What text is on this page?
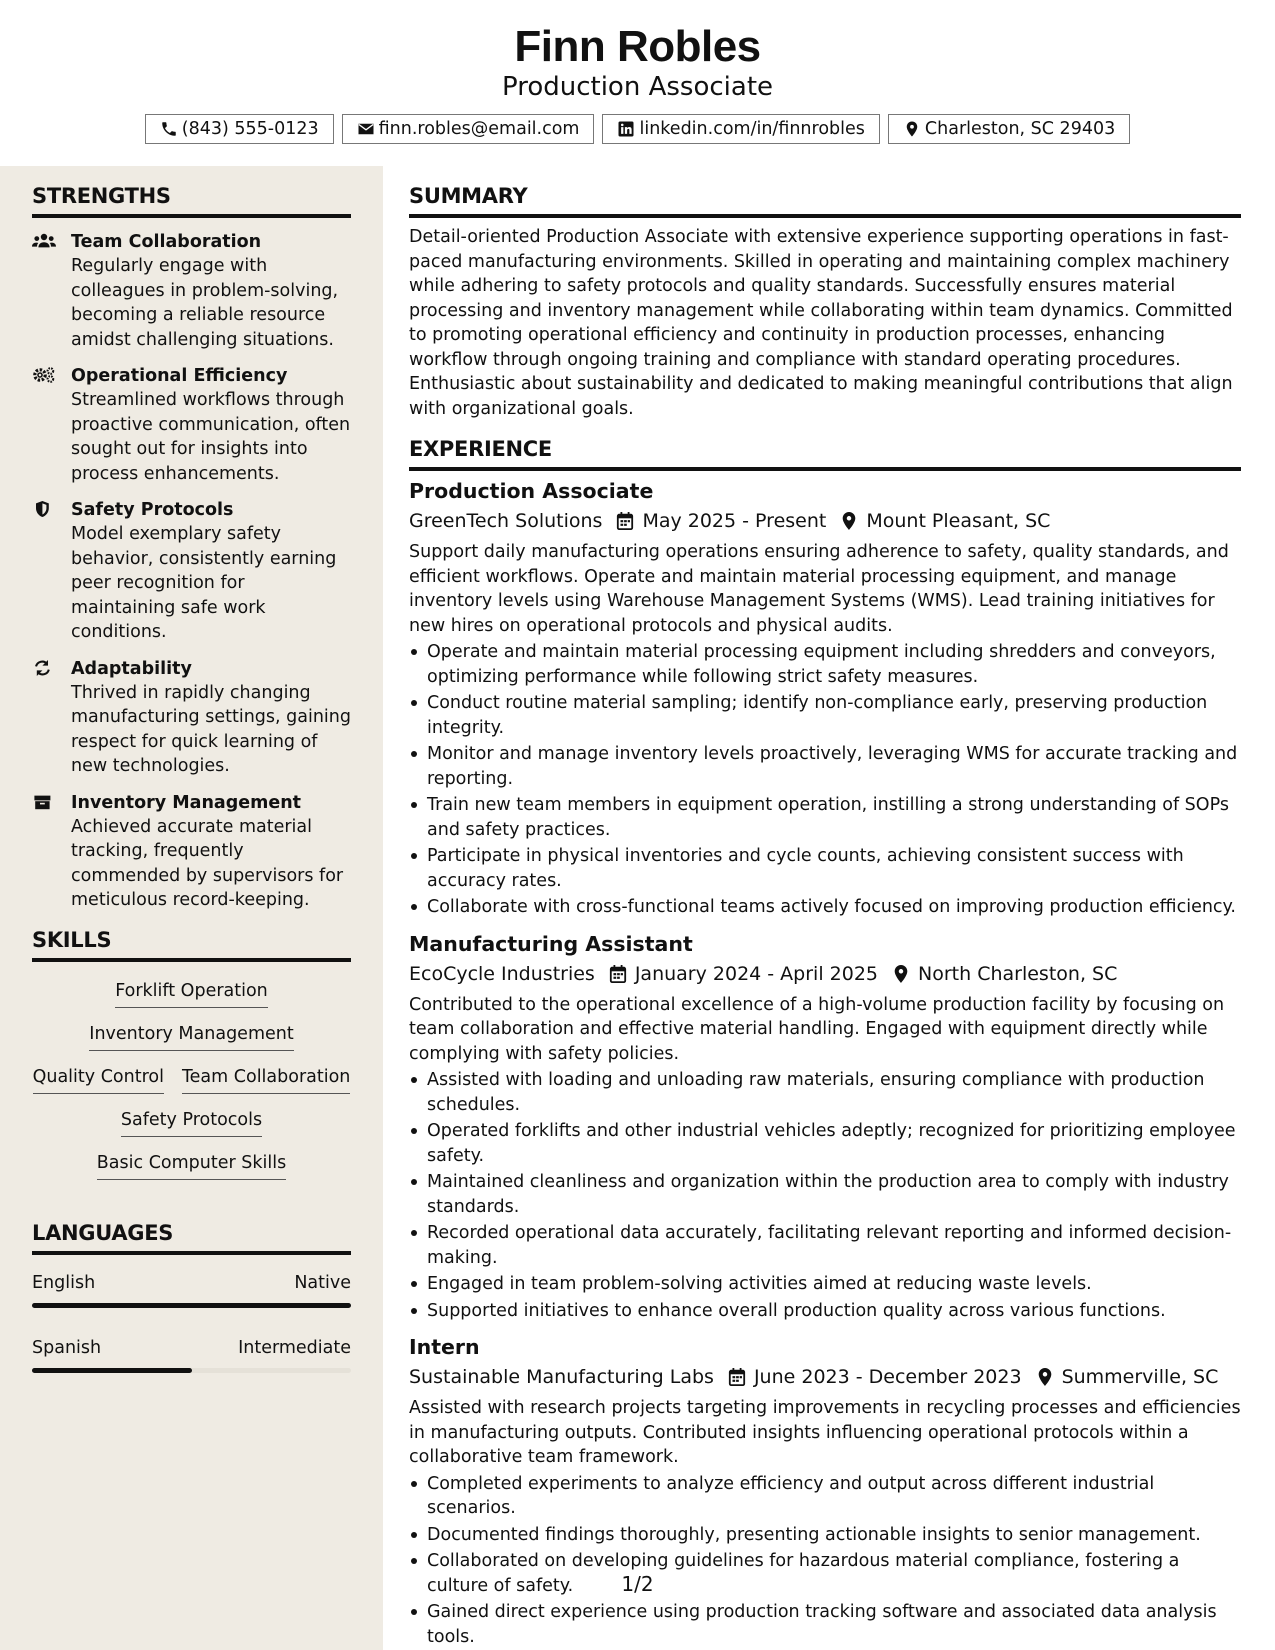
Finn Robles
Production Associate
(843) 555-0123	finn.robles@email.com	linkedin.com/in/finnrobles	Charleston, SC 29403
STRENGTHS
Team Collaboration
Regularly engage with colleagues in problem-solving, becoming a reliable resource amidst challenging situations.
Operational Efficiency
Streamlined workflows through proactive communication, often sought out for insights into process enhancements.
Safety Protocols
Model exemplary safety behavior, consistently earning peer recognition for maintaining safe work conditions.
Adaptability
Thrived in rapidly changing manufacturing settings, gaining respect for quick learning of new technologies.
Inventory Management
Achieved accurate material tracking, frequently commended by supervisors for meticulous record-keeping.
SKILLS
Forklift Operation
Inventory Management
Quality Control Team Collaboration
Safety Protocols
Basic Computer Skills
LANGUAGES
English	Native
Spanish	Intermediate
SUMMARY
Detail-oriented Production Associate with extensive experience supporting operations in fast-paced manufacturing environments. Skilled in operating and maintaining complex machinery while adhering to safety protocols and quality standards. Successfully ensures material processing and inventory management while collaborating within team dynamics. Committed to promoting operational efficiency and continuity in production processes, enhancing workflow through ongoing training and compliance with standard operating procedures. Enthusiastic about sustainability and dedicated to making meaningful contributions that align with organizational goals.
EXPERIENCE
Production Associate
GreenTech Solutions May 2025 - Present Mount Pleasant, SC
Support daily manufacturing operations ensuring adherence to safety, quality standards, and efficient workflows. Operate and maintain material processing equipment, and manage inventory levels using Warehouse Management Systems (WMS). Lead training initiatives for new hires on operational protocols and physical audits.
Operate and maintain material processing equipment including shredders and conveyors, optimizing performance while following strict safety measures.
Conduct routine material sampling; identify non-compliance early, preserving production integrity.
Monitor and manage inventory levels proactively, leveraging WMS for accurate tracking and reporting.
Train new team members in equipment operation, instilling a strong understanding of SOPs and safety practices.
Participate in physical inventories and cycle counts, achieving consistent success with accuracy rates.
Collaborate with cross-functional teams actively focused on improving production efficiency.
Manufacturing Assistant
EcoCycle Industries January 2024 - April 2025 North Charleston, SC
Contributed to the operational excellence of a high-volume production facility by focusing on team collaboration and effective material handling. Engaged with equipment directly while complying with safety policies.
Assisted with loading and unloading raw materials, ensuring compliance with production schedules.
Operated forklifts and other industrial vehicles adeptly; recognized for prioritizing employee safety.
Maintained cleanliness and organization within the production area to comply with industry standards.
Recorded operational data accurately, facilitating relevant reporting and informed decision-making.
Engaged in team problem-solving activities aimed at reducing waste levels.
Supported initiatives to enhance overall production quality across various functions.
Intern
Sustainable Manufacturing Labs June 2023 - December 2023 Summerville, SC
Assisted with research projects targeting improvements in recycling processes and efficiencies in manufacturing outputs. Contributed insights influencing operational protocols within a collaborative team framework.
Completed experiments to analyze efficiency and output across different industrial scenarios.
Documented findings thoroughly, presenting actionable insights to senior management.
Collaborated on developing guidelines for hazardous material compliance, fostering a culture of safety.
Gained direct experience using production tracking software and associated data analysis tools.
1/2
